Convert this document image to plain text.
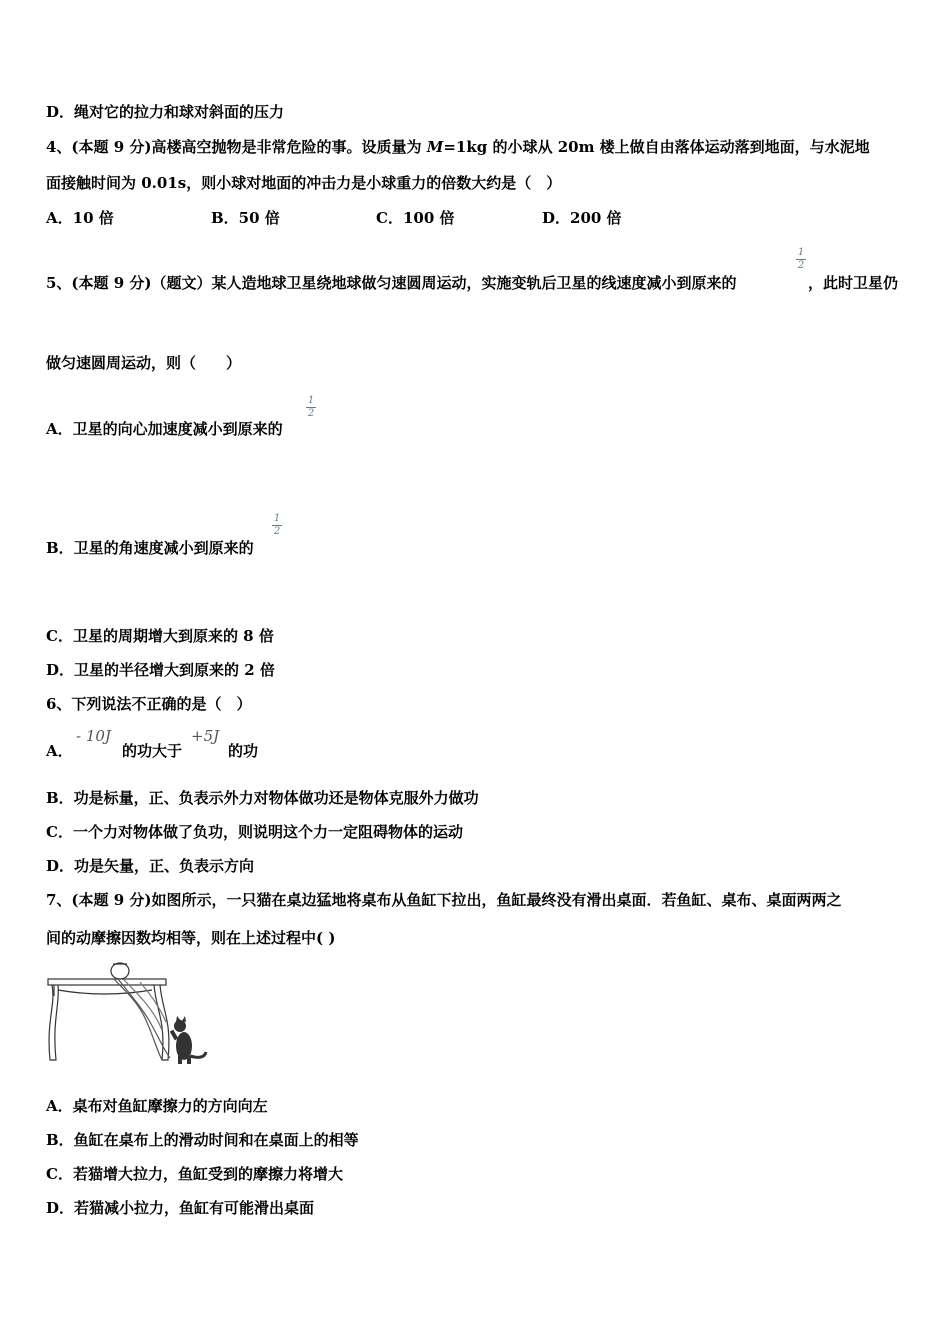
D．绳对它的拉力和球对斜面的压力
4、(本题 9 分)高楼高空抛物是非常危险的事。设质量为 M=1kg 的小球从 20m 楼上做自由落体运动落到地面，与水泥地
面接触时间为 0.01s，则小球对地面的冲击力是小球重力的倍数大约是（　）
A．10 倍	B．50 倍	C．100 倍	D．200 倍
5、(本题 9 分)（题文）某人造地球卫星绕地球做匀速圆周运动，实施变轨后卫星的线速度减小到原来的
1
2
，此时卫星仍
做匀速圆周运动，则（　　）
A．卫星的向心加速度减小到原来的
1
2
B．卫星的角速度减小到原来的
1
2
C．卫星的周期增大到原来的 8 倍
D．卫星的半径增大到原来的 2 倍
6、下列说法不正确的是（　）
A．
- 10J
的功大于
+5J
的功
B．功是标量，正、负表示外力对物体做功还是物体克服外力做功
C．一个力对物体做了负功，则说明这个力一定阻碍物体的运动
D．功是矢量，正、负表示方向
7、(本题 9 分)如图所示，一只猫在桌边猛地将桌布从鱼缸下拉出，鱼缸最终没有滑出桌面．若鱼缸、桌布、桌面两两之
间的动摩擦因数均相等，则在上述过程中( )
A．桌布对鱼缸摩擦力的方向向左
B．鱼缸在桌布上的滑动时间和在桌面上的相等
C．若猫增大拉力，鱼缸受到的摩擦力将增大
D．若猫减小拉力，鱼缸有可能滑出桌面
